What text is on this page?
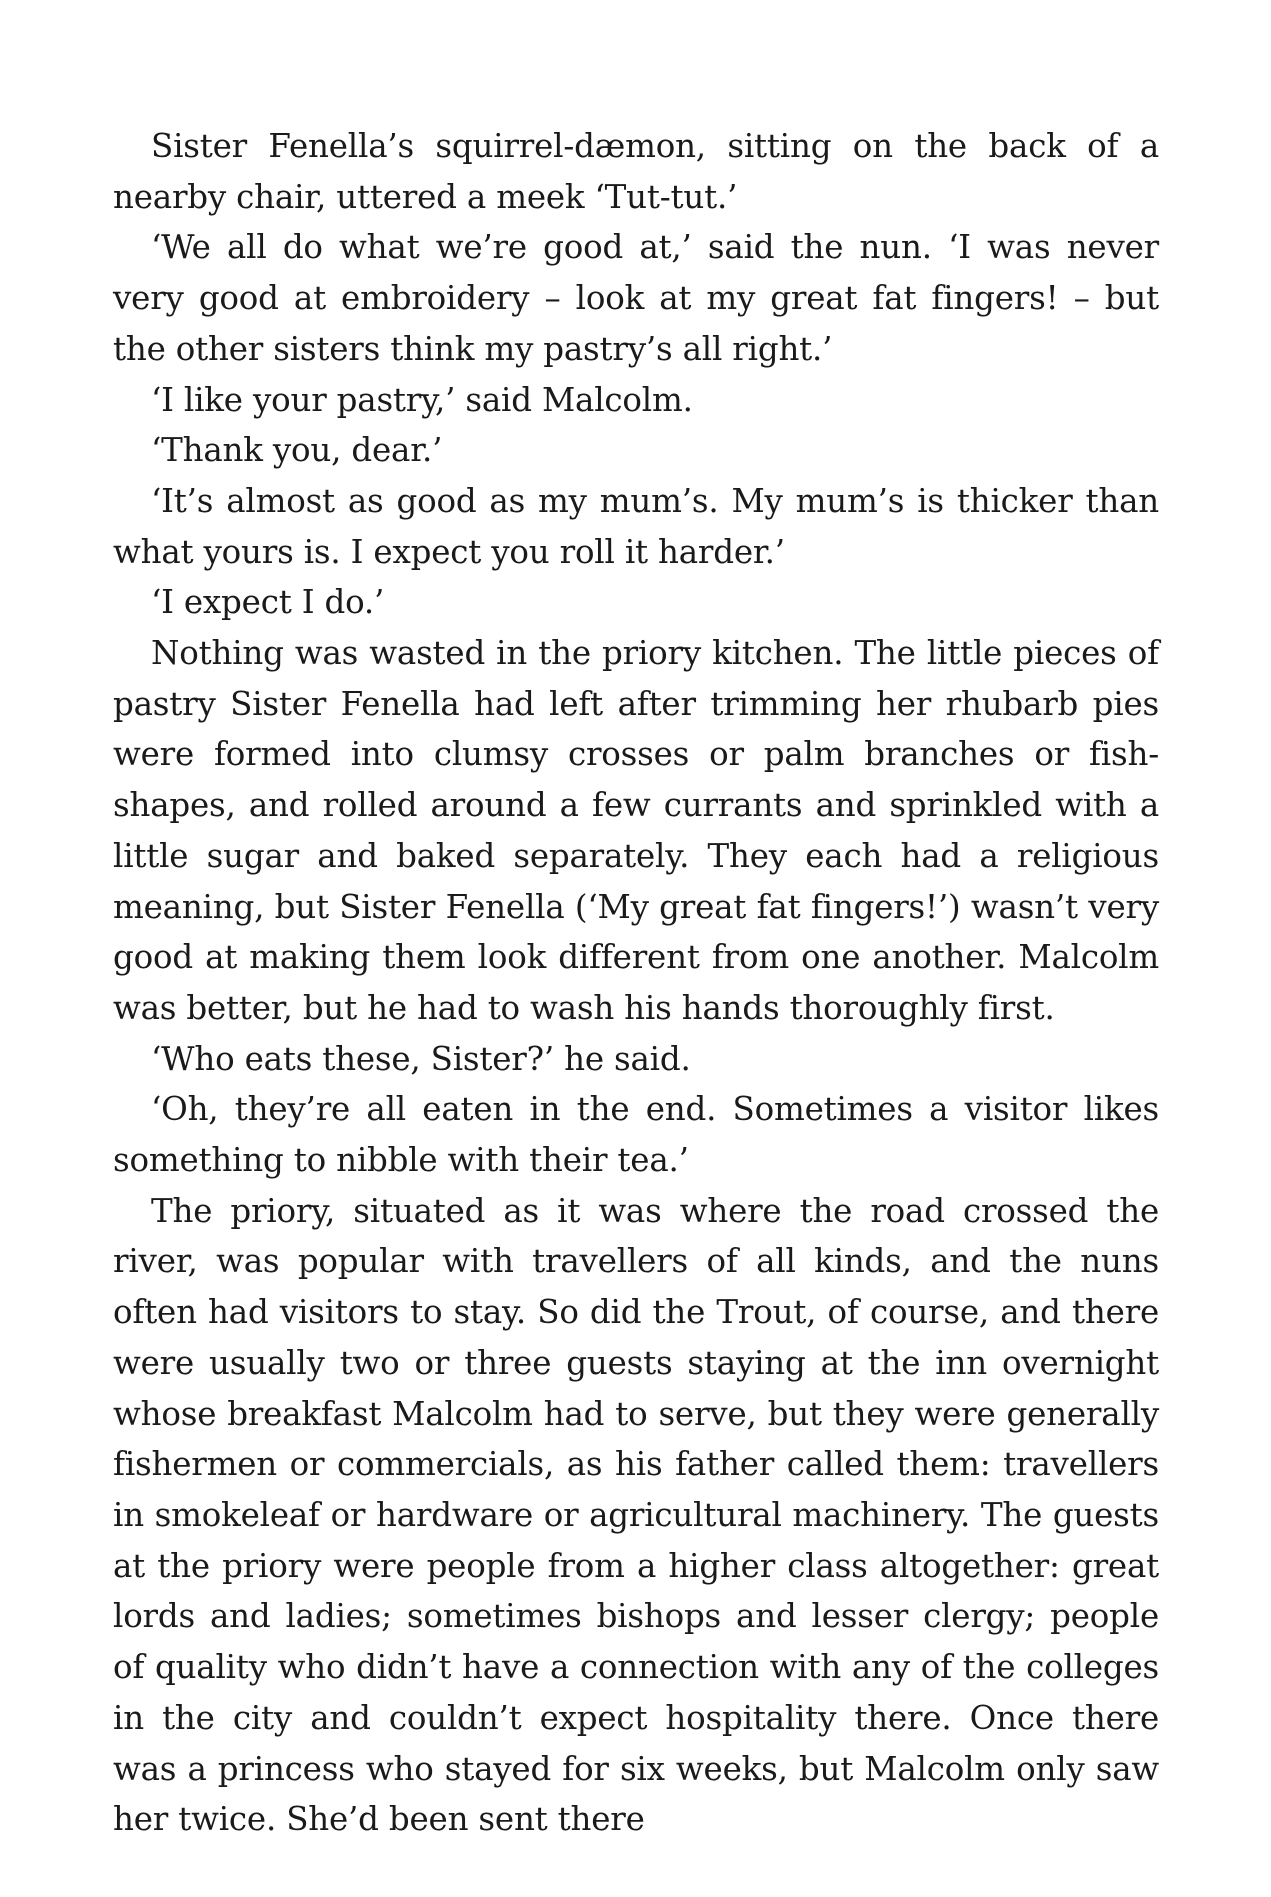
Sister Fenella’s squirrel-dæmon, sitting on the back of a nearby chair, uttered a meek ‘Tut-tut.’

‘We all do what we’re good at,’ said the nun. ‘I was never very good at embroidery – look at my great fat fingers! – but the other sisters think my pastry’s all right.’

‘I like your pastry,’ said Malcolm.

‘Thank you, dear.’

‘It’s almost as good as my mum’s. My mum’s is thicker than what yours is. I expect you roll it harder.’

‘I expect I do.’

Nothing was wasted in the priory kitchen. The little pieces of pastry Sister Fenella had left after trimming her rhubarb pies were formed into clumsy crosses or palm branches or fish-shapes, and rolled around a few currants and sprinkled with a little sugar and baked separately. They each had a religious meaning, but Sister Fenella (‘My great fat fingers!’) wasn’t very good at making them look different from one another. Malcolm was better, but he had to wash his hands thoroughly first.

‘Who eats these, Sister?’ he said.

‘Oh, they’re all eaten in the end. Sometimes a visitor likes something to nibble with their tea.’

The priory, situated as it was where the road crossed the river, was popular with travellers of all kinds, and the nuns often had visitors to stay. So did the Trout, of course, and there were usually two or three guests staying at the inn overnight whose breakfast Malcolm had to serve, but they were generally fishermen or commercials, as his father called them: travellers in smokeleaf or hardware or agricultural machinery. The guests at the priory were people from a higher class altogether: great lords and ladies; sometimes bishops and lesser clergy; people of quality who didn’t have a connection with any of the colleges in the city and couldn’t expect hospitality there. Once there was a princess who stayed for six weeks, but Malcolm only saw her twice. She’d been sent there
